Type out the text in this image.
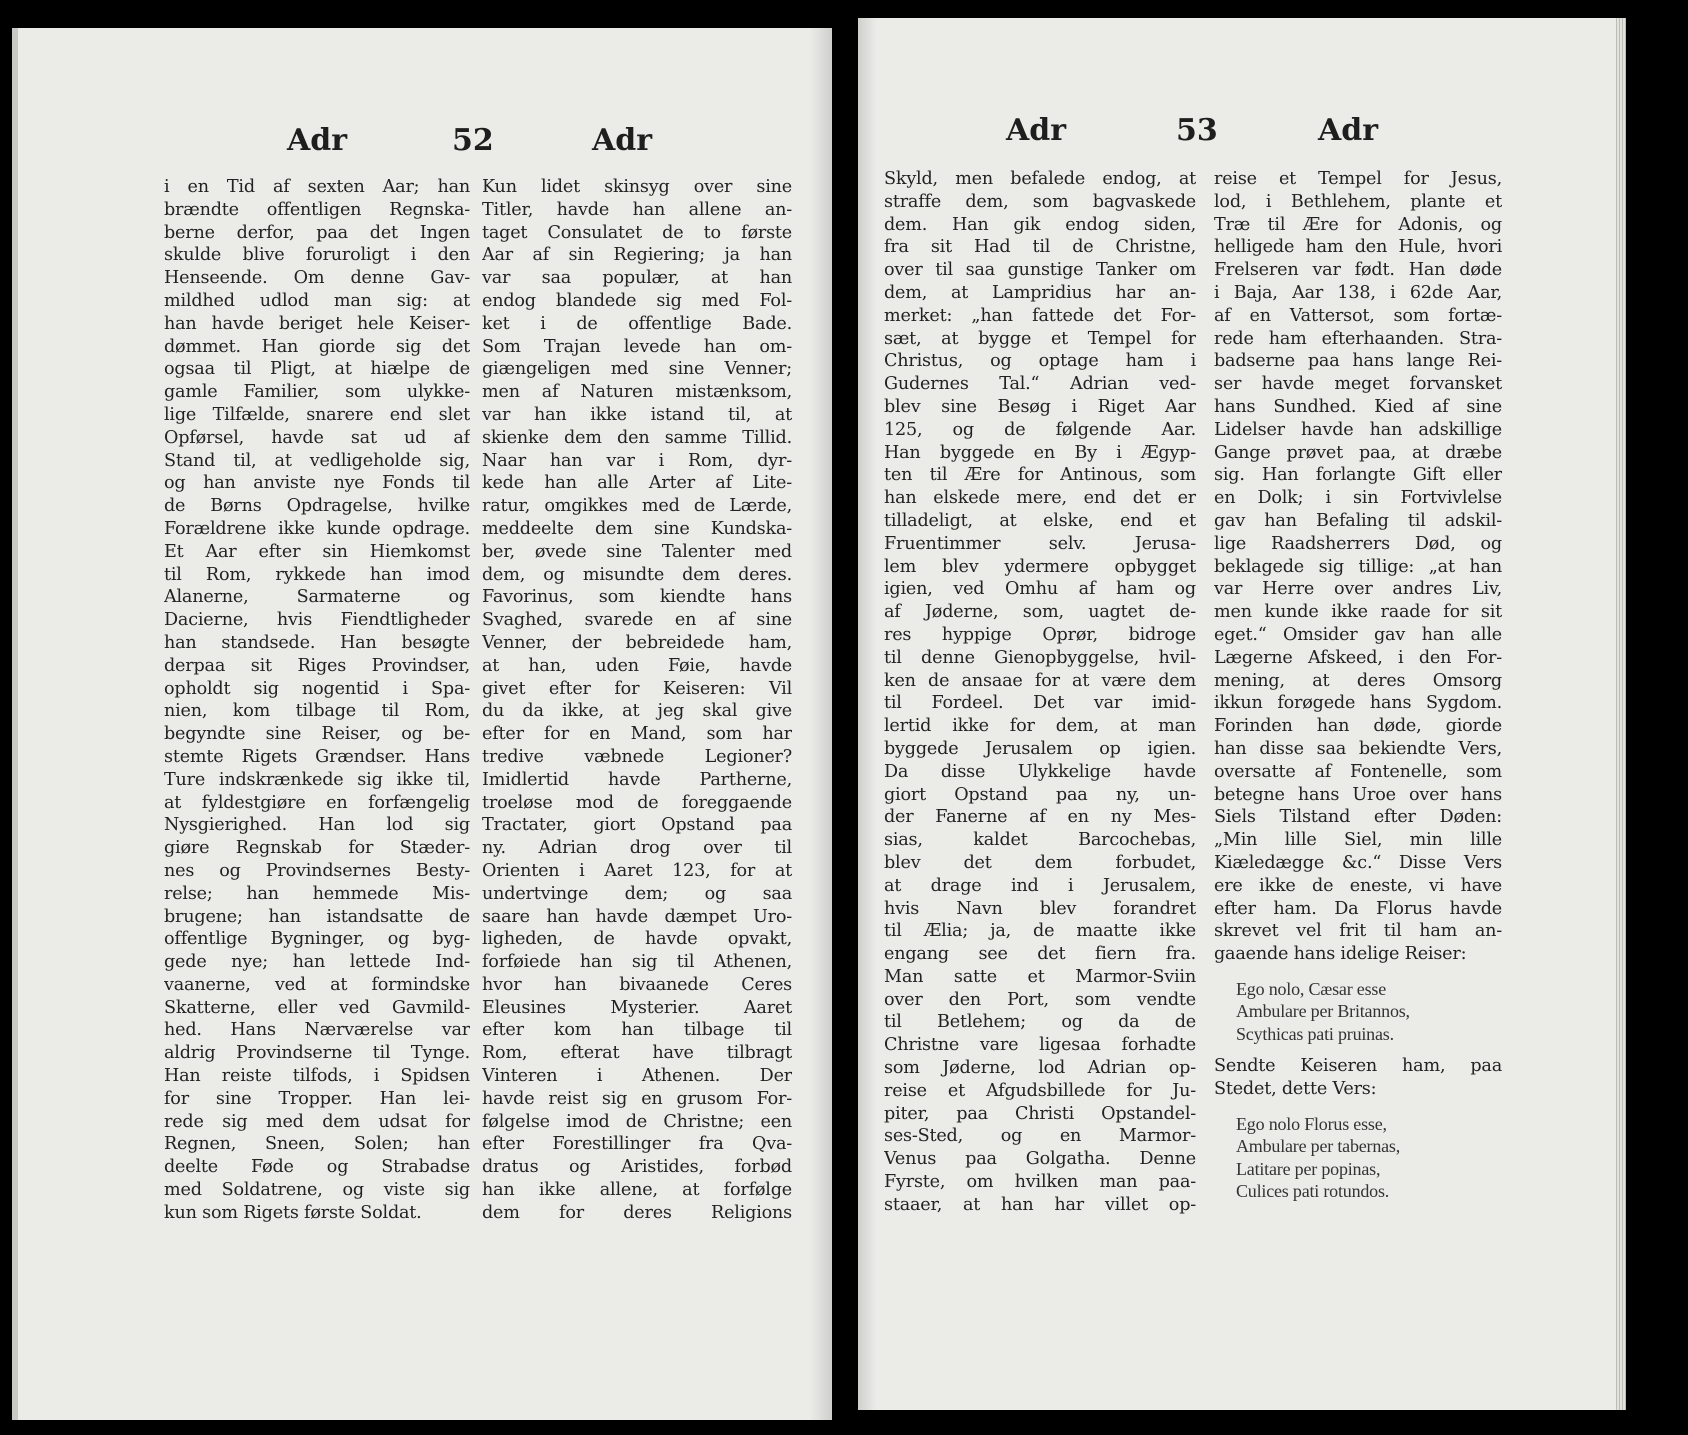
Adr	52	Adr
i en Tid af sexten Aar; han
brændte offentligen Regnska-
berne derfor, paa det Ingen
skulde blive foruroligt i den
Henseende. Om denne Gav-
mildhed udlod man sig: at
han havde beriget hele Keiser-
dømmet. Han giorde sig det
ogsaa til Pligt, at hiælpe de
gamle Familier, som ulykke-
lige Tilfælde, snarere end slet
Opførsel, havde sat ud af
Stand til, at vedligeholde sig,
og han anviste nye Fonds til
de Børns Opdragelse, hvilke
Forældrene ikke kunde opdrage.
Et Aar efter sin Hiemkomst
til Rom, rykkede han imod
Alanerne, Sarmaterne og
Dacierne, hvis Fiendtligheder
han standsede. Han besøgte
derpaa sit Riges Provindser,
opholdt sig nogentid i Spa-
nien, kom tilbage til Rom,
begyndte sine Reiser, og be-
stemte Rigets Grændser. Hans
Ture indskrænkede sig ikke til,
at fyldestgiøre en forfængelig
Nysgierighed. Han lod sig
giøre Regnskab for Stæder-
nes og Provindsernes Besty-
relse; han hemmede Mis-
brugene; han istandsatte de
offentlige Bygninger, og byg-
gede nye; han lettede Ind-
vaanerne, ved at formindske
Skatterne, eller ved Gavmild-
hed. Hans Nærværelse var
aldrig Provindserne til Tynge.
Han reiste tilfods, i Spidsen
for sine Tropper. Han lei-
rede sig med dem udsat for
Regnen, Sneen, Solen; han
deelte Føde og Strabadse
med Soldatrene, og viste sig
kun som Rigets første Soldat.
Kun lidet skinsyg over sine
Titler, havde han allene an-
taget Consulatet de to første
Aar af sin Regiering; ja han
var saa populær, at han
endog blandede sig med Fol-
ket i de offentlige Bade.
Som Trajan levede han om-
giængeligen med sine Venner;
men af Naturen mistænksom,
var han ikke istand til, at
skienke dem den samme Tillid.
Naar han var i Rom, dyr-
kede han alle Arter af Lite-
ratur, omgikkes med de Lærde,
meddeelte dem sine Kundska-
ber, øvede sine Talenter med
dem, og misundte dem deres.
Favorinus, som kiendte hans
Svaghed, svarede en af sine
Venner, der bebreidede ham,
at han, uden Føie, havde
givet efter for Keiseren: Vil
du da ikke, at jeg skal give
efter for en Mand, som har
tredive væbnede Legioner?
Imidlertid havde Partherne,
troeløse mod de foreggaende
Tractater, giort Opstand paa
ny. Adrian drog over til
Orienten i Aaret 123, for at
undertvinge dem; og saa
saare han havde dæmpet Uro-
ligheden, de havde opvakt,
forføiede han sig til Athenen,
hvor han bivaanede Ceres
Eleusines Mysterier. Aaret
efter kom han tilbage til
Rom, efterat have tilbragt
Vinteren i Athenen. Der
havde reist sig en grusom For-
følgelse imod de Christne; een
efter Forestillinger fra Qva-
dratus og Aristides, forbød
han ikke allene, at forfølge
dem for deres Religions
Adr	53	Adr
Skyld, men befalede endog, at
straffe dem, som bagvaskede
dem. Han gik endog siden,
fra sit Had til de Christne,
over til saa gunstige Tanker om
dem, at Lampridius har an-
merket: „han fattede det For-
sæt, at bygge et Tempel for
Christus, og optage ham i
Gudernes Tal.“ Adrian ved-
blev sine Besøg i Riget Aar
125, og de følgende Aar.
Han byggede en By i Ægyp-
ten til Ære for Antinous, som
han elskede mere, end det er
tilladeligt, at elske, end et
Fruentimmer selv. Jerusa-
lem blev ydermere opbygget
igien, ved Omhu af ham og
af Jøderne, som, uagtet de-
res hyppige Oprør, bidroge
til denne Gienopbyggelse, hvil-
ken de ansaae for at være dem
til Fordeel. Det var imid-
lertid ikke for dem, at man
byggede Jerusalem op igien.
Da disse Ulykkelige havde
giort Opstand paa ny, un-
der Fanerne af en ny Mes-
sias, kaldet Barcochebas,
blev det dem forbudet,
at drage ind i Jerusalem,
hvis Navn blev forandret
til Ælia; ja, de maatte ikke
engang see det fiern fra.
Man satte et Marmor-Sviin
over den Port, som vendte
til Betlehem; og da de
Christne vare ligesaa forhadte
som Jøderne, lod Adrian op-
reise et Afgudsbillede for Ju-
piter, paa Christi Opstandel-
ses-Sted, og en Marmor-
Venus paa Golgatha. Denne
Fyrste, om hvilken man paa-
staaer, at han har villet op-
reise et Tempel for Jesus,
lod, i Bethlehem, plante et
Træ til Ære for Adonis, og
helligede ham den Hule, hvori
Frelseren var født. Han døde
i Baja, Aar 138, i 62de Aar,
af en Vattersot, som fortæ-
rede ham efterhaanden. Stra-
badserne paa hans lange Rei-
ser havde meget forvansket
hans Sundhed. Kied af sine
Lidelser havde han adskillige
Gange prøvet paa, at dræbe
sig. Han forlangte Gift eller
en Dolk; i sin Fortvivlelse
gav han Befaling til adskil-
lige Raadsherrers Død, og
beklagede sig tillige: „at han
var Herre over andres Liv,
men kunde ikke raade for sit
eget.“ Omsider gav han alle
Lægerne Afskeed, i den For-
mening, at deres Omsorg
ikkun forøgede hans Sygdom.
Forinden han døde, giorde
han disse saa bekiendte Vers,
oversatte af Fontenelle, som
betegne hans Uroe over hans
Siels Tilstand efter Døden:
„Min lille Siel, min lille
Kiæledægge &c.“ Disse Vers
ere ikke de eneste, vi have
efter ham. Da Florus havde
skrevet vel frit til ham an-
gaaende hans idelige Reiser:
Ego nolo, Cæsar esse
Ambulare per Britannos,
Scythicas pati pruinas.
Sendte Keiseren ham, paa
Stedet, dette Vers:
Ego nolo Florus esse,
Ambulare per tabernas,
Latitare per popinas,
Culices pati rotundos.
